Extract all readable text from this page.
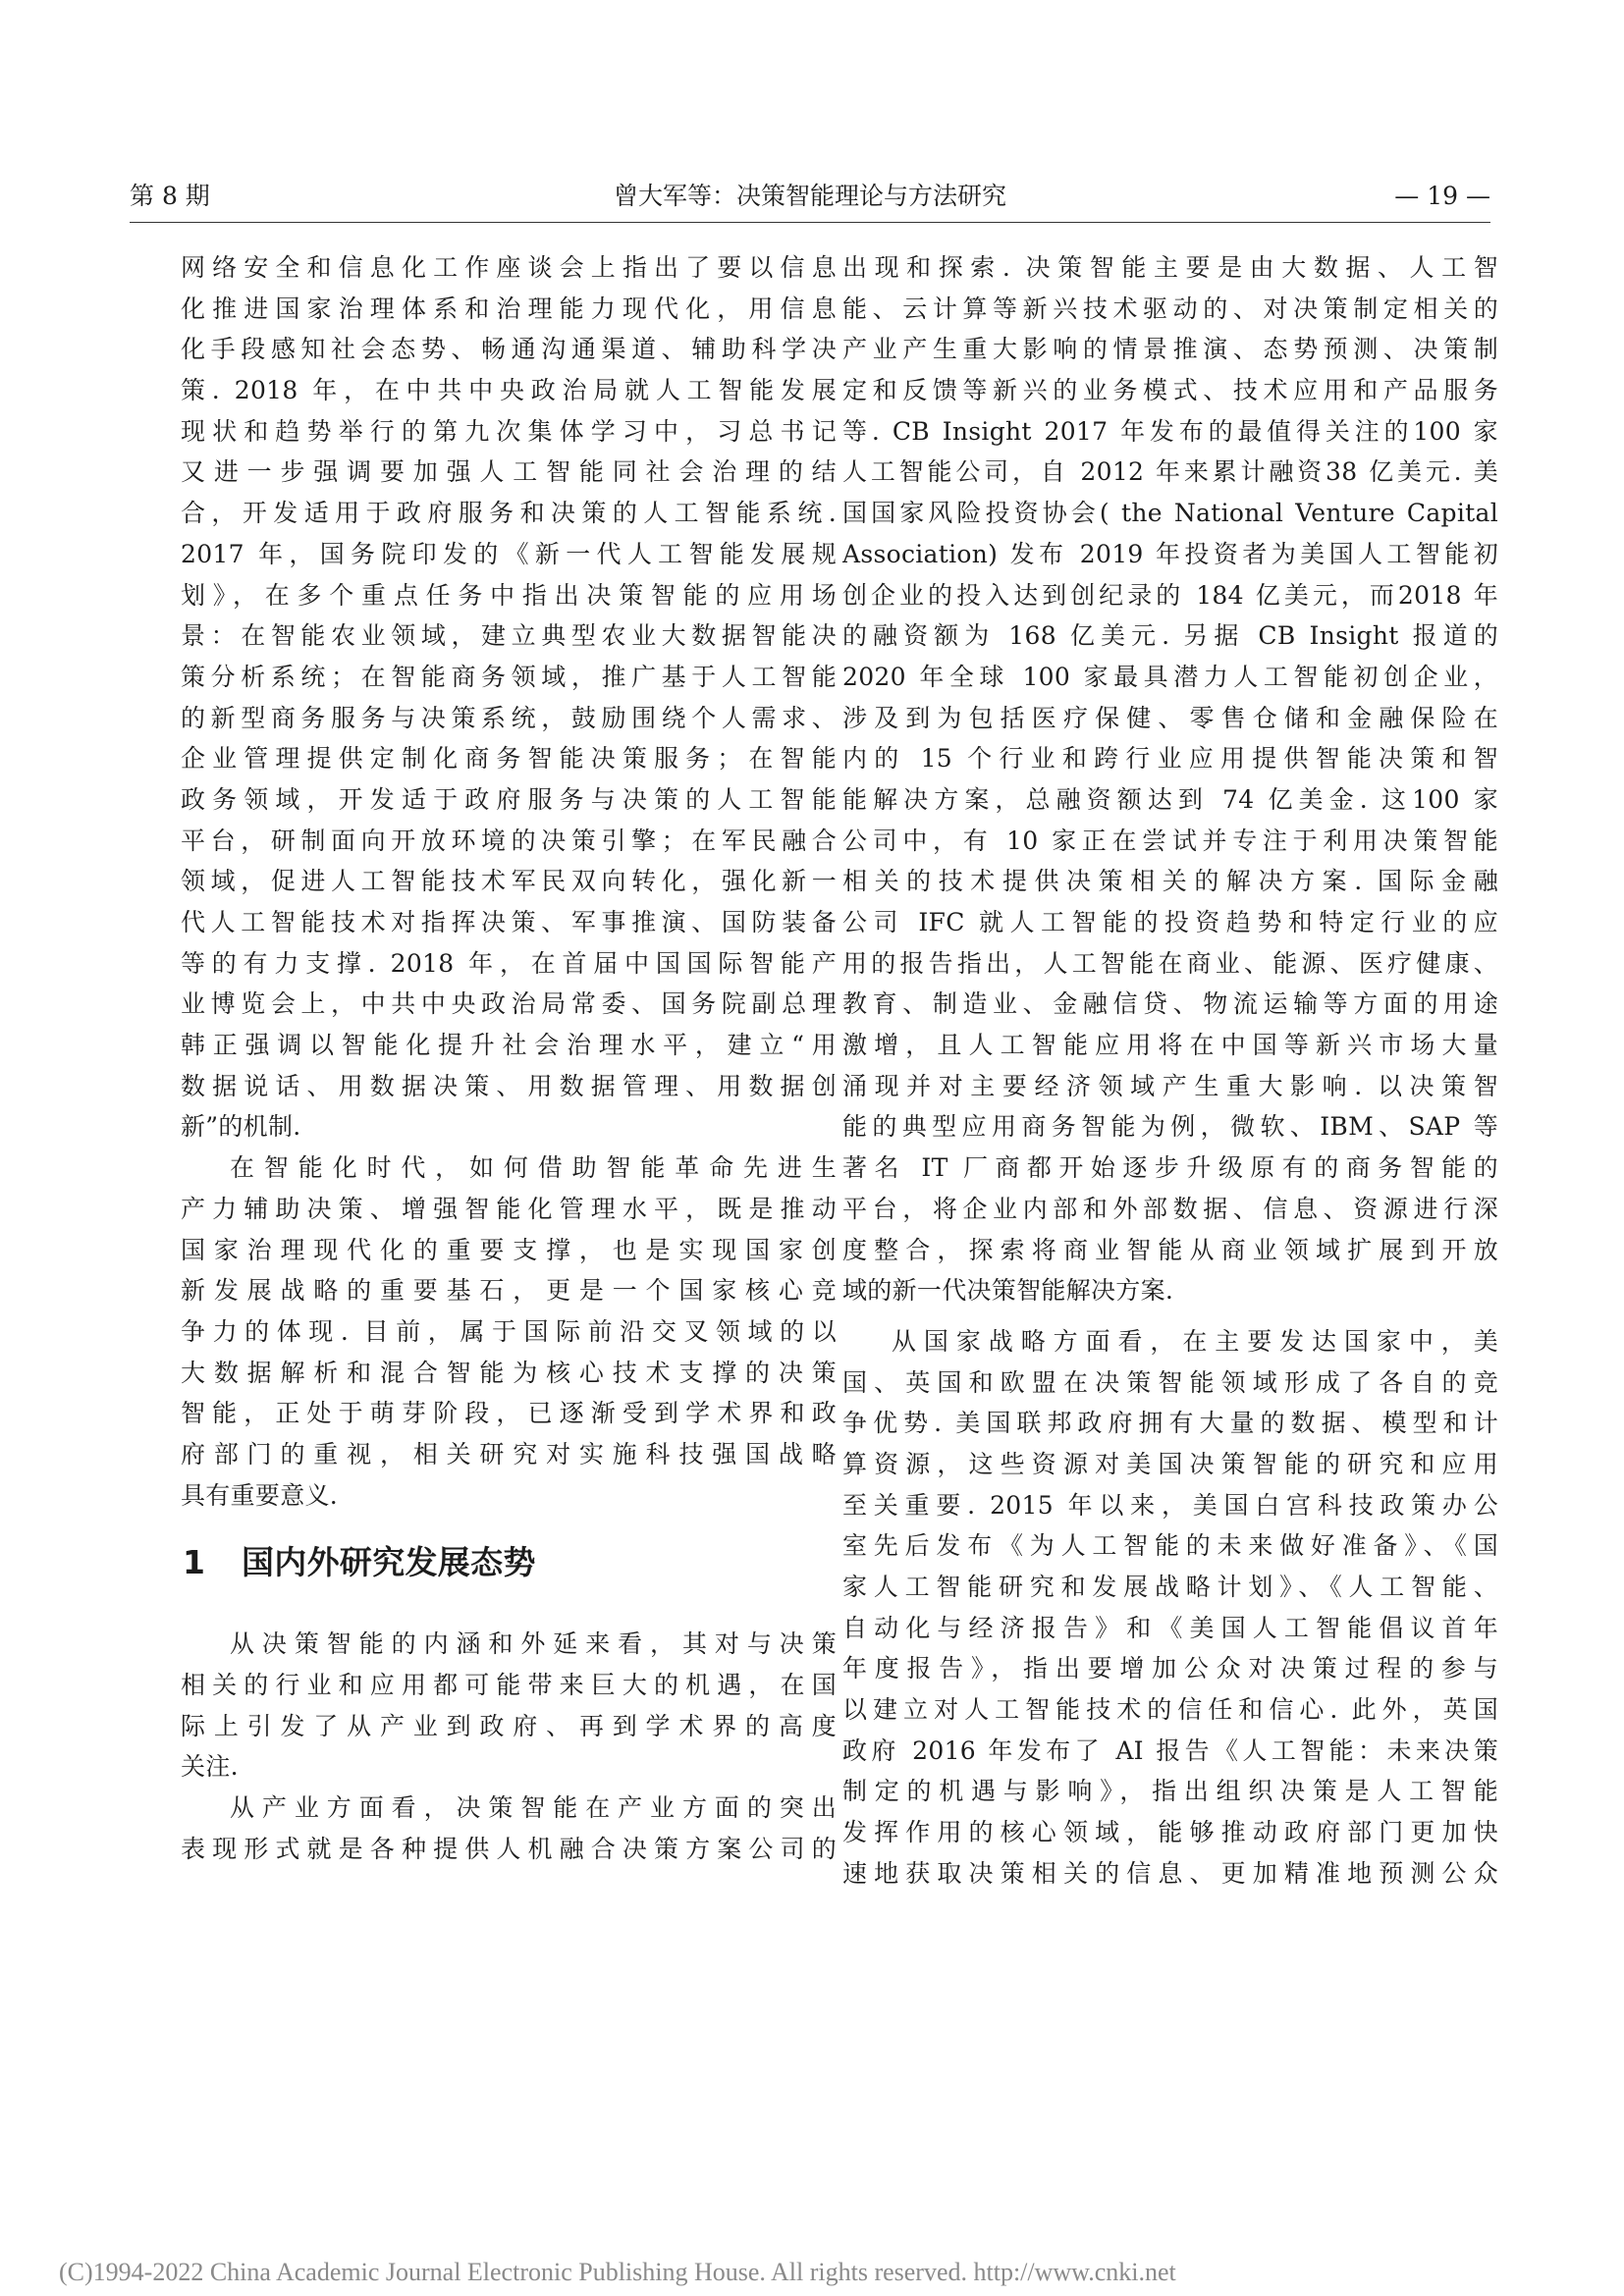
第 8 期	曾大军等：决策智能理论与方法研究	— 19 —
网络安全和信息化工作座谈会上指出了要以信息
化推进国家治理体系和治理能力现代化，用信息
化手段感知社会态势、畅通沟通渠道、辅助科学决
策. 2018 年，在中共中央政治局就人工智能发展
现状和趋势举行的第九次集体学习中，习总书记
又进一步强调要加强人工智能同社会治理的结
合，开发适用于政府服务和决策的人工智能系统.
2017 年，国务院印发的《新一代人工智能发展规
划》，在多个重点任务中指出决策智能的应用场
景：在智能农业领域，建立典型农业大数据智能决
策分析系统；在智能商务领域，推广基于人工智能
的新型商务服务与决策系统，鼓励围绕个人需求、
企业管理提供定制化商务智能决策服务；在智能
政务领域，开发适于政府服务与决策的人工智能
平台，研制面向开放环境的决策引擎；在军民融合
领域，促进人工智能技术军民双向转化，强化新一
代人工智能技术对指挥决策、军事推演、国防装备
等的有力支撑. 2018 年，在首届中国国际智能产
业博览会上，中共中央政治局常委、国务院副总理
韩正强调以智能化提升社会治理水平，建立“用
数据说话、用数据决策、用数据管理、用数据创
新”的机制.
在智能化时代，如何借助智能革命先进生
产力辅助决策、增强智能化管理水平，既是推动
国家治理现代化的重要支撑，也是实现国家创
新发展战略的重要基石，更是一个国家核心竞
争力的体现. 目前，属于国际前沿交叉领域的以
大数据解析和混合智能为核心技术支撑的决策
智能，正处于萌芽阶段，已逐渐受到学术界和政
府部门的重视，相关研究对实施科技强国战略
具有重要意义.
1 国内外研究发展态势
从决策智能的内涵和外延来看，其对与决策
相关的行业和应用都可能带来巨大的机遇，在国
际上引发了从产业到政府、再到学术界的高度
关注.
从产业方面看，决策智能在产业方面的突出
表现形式就是各种提供人机融合决策方案公司的
出现和探索. 决策智能主要是由大数据、人工智
能、云计算等新兴技术驱动的、对决策制定相关的
产业产生重大影响的情景推演、态势预测、决策制
定和反馈等新兴的业务模式、技术应用和产品服务
等. CB Insight 2017 年发布的最值得关注的100 家
人工智能公司，自 2012 年来累计融资38 亿美元. 美
国国家风险投资协会( the National Venture Capital
Association) 发布 2019 年投资者为美国人工智能初
创企业的投入达到创纪录的 184 亿美元，而2018 年
的融资额为 168 亿美元. 另据 CB Insight 报道的
2020 年全球 100 家最具潜力人工智能初创企业，
涉及到为包括医疗保健、零售仓储和金融保险在
内的 15 个行业和跨行业应用提供智能决策和智
能解决方案，总融资额达到 74 亿美金. 这100 家
公司中，有 10 家正在尝试并专注于利用决策智能
相关的技术提供决策相关的解决方案. 国际金融
公司 IFC 就人工智能的投资趋势和特定行业的应
用的报告指出，人工智能在商业、能源、医疗健康、
教育、制造业、金融信贷、物流运输等方面的用途
激增，且人工智能应用将在中国等新兴市场大量
涌现并对主要经济领域产生重大影响. 以决策智
能的典型应用商务智能为例，微软、IBM、SAP 等
著名 IT 厂商都开始逐步升级原有的商务智能的
平台，将企业内部和外部数据、信息、资源进行深
度整合，探索将商业智能从商业领域扩展到开放
域的新一代决策智能解决方案.
从国家战略方面看，在主要发达国家中，美
国、英国和欧盟在决策智能领域形成了各自的竞
争优势. 美国联邦政府拥有大量的数据、模型和计
算资源，这些资源对美国决策智能的研究和应用
至关重要. 2015 年以来，美国白宫科技政策办公
室先后发布《为人工智能的未来做好准备》、《国
家人工智能研究和发展战略计划》、《人工智能、
自动化与经济报告》和《美国人工智能倡议首年
年度报告》，指出要增加公众对决策过程的参与
以建立对人工智能技术的信任和信心. 此外，英国
政府 2016 年发布了 AI 报告《人工智能：未来决策
制定的机遇与影响》，指出组织决策是人工智能
发挥作用的核心领域，能够推动政府部门更加快
速地获取决策相关的信息、更加精准地预测公众
(C)1994-2022 China Academic Journal Electronic Publishing House. All rights reserved. http://www.cnki.net
